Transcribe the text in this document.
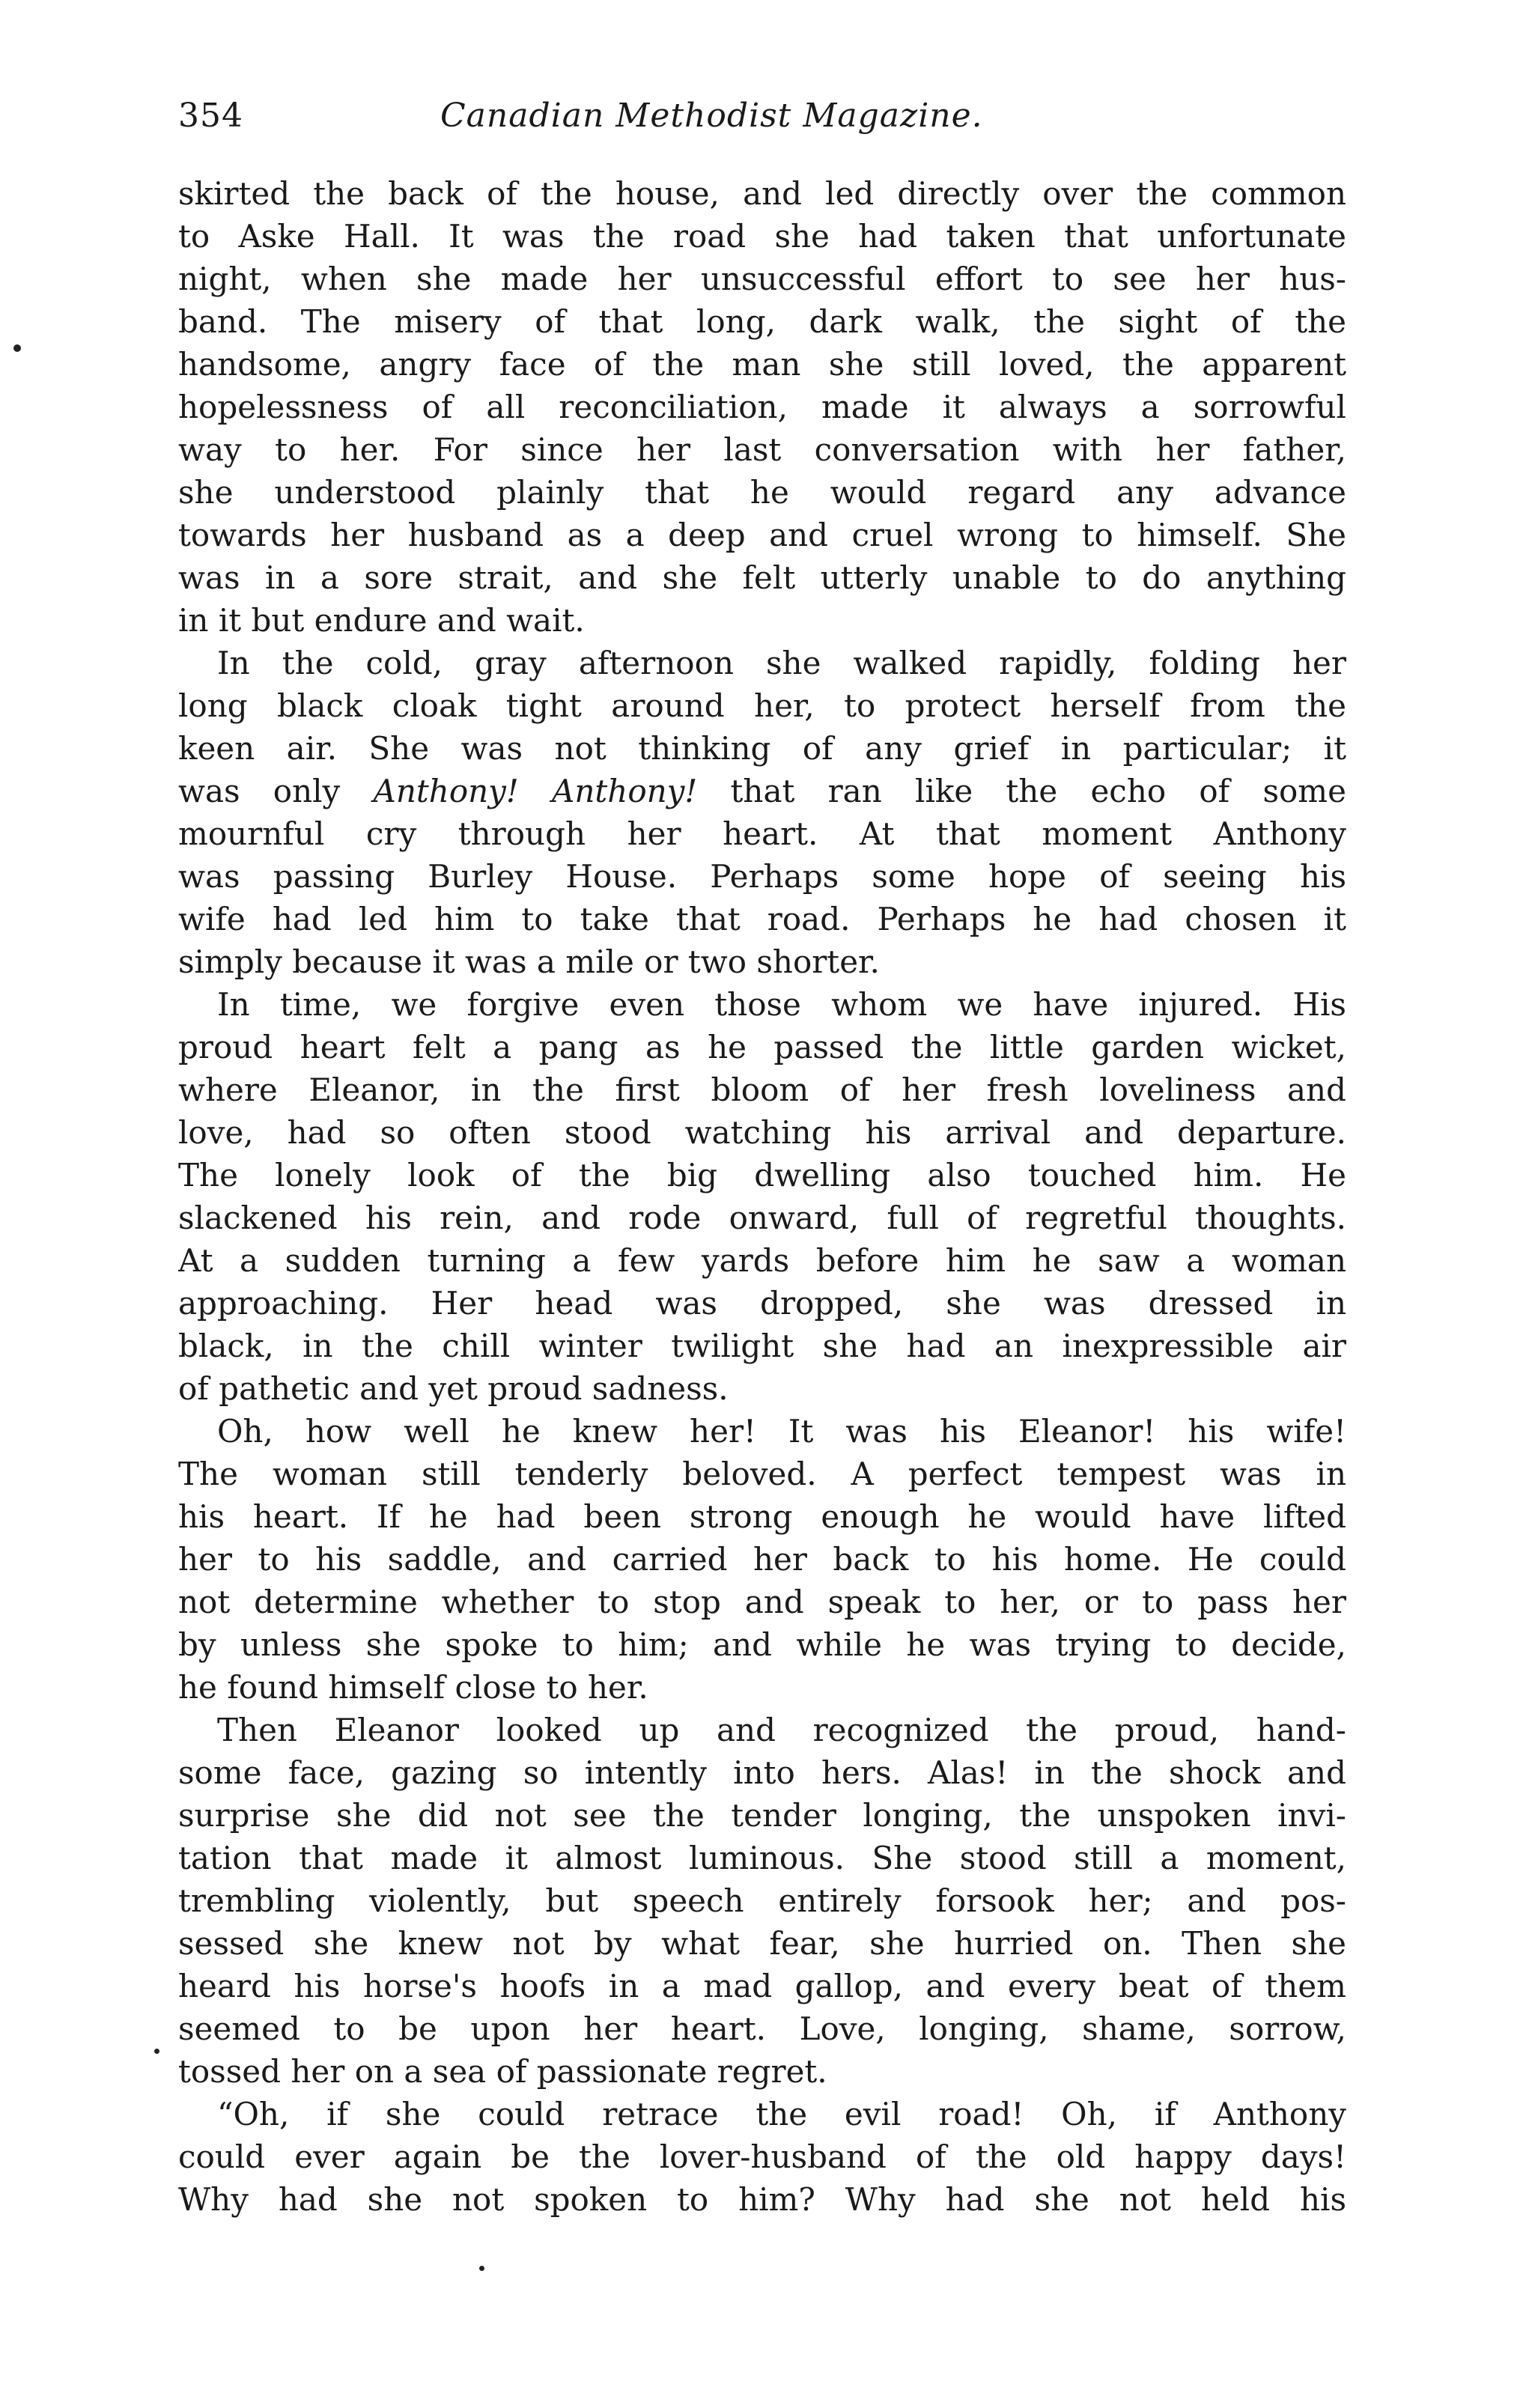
354	Canadian Methodist Magazine.
skirted the back of the house, and led directly over the common
to Aske Hall. It was the road she had taken that unfortunate
night, when she made her unsuccessful effort to see her hus-
band. The misery of that long, dark walk, the sight of the
handsome, angry face of the man she still loved, the apparent
hopelessness of all reconciliation, made it always a sorrowful
way to her. For since her last conversation with her father,
she understood plainly that he would regard any advance
towards her husband as a deep and cruel wrong to himself. She
was in a sore strait, and she felt utterly unable to do anything
in it but endure and wait.
In the cold, gray afternoon she walked rapidly, folding her
long black cloak tight around her, to protect herself from the
keen air. She was not thinking of any grief in particular; it
was only Anthony! Anthony! that ran like the echo of some
mournful cry through her heart. At that moment Anthony
was passing Burley House. Perhaps some hope of seeing his
wife had led him to take that road. Perhaps he had chosen it
simply because it was a mile or two shorter.
In time, we forgive even those whom we have injured. His
proud heart felt a pang as he passed the little garden wicket,
where Eleanor, in the first bloom of her fresh loveliness and
love, had so often stood watching his arrival and departure.
The lonely look of the big dwelling also touched him. He
slackened his rein, and rode onward, full of regretful thoughts.
At a sudden turning a few yards before him he saw a woman
approaching. Her head was dropped, she was dressed in
black, in the chill winter twilight she had an inexpressible air
of pathetic and yet proud sadness.
Oh, how well he knew her! It was his Eleanor! his wife!
The woman still tenderly beloved. A perfect tempest was in
his heart. If he had been strong enough he would have lifted
her to his saddle, and carried her back to his home. He could
not determine whether to stop and speak to her, or to pass her
by unless she spoke to him; and while he was trying to decide,
he found himself close to her.
Then Eleanor looked up and recognized the proud, hand-
some face, gazing so intently into hers. Alas! in the shock and
surprise she did not see the tender longing, the unspoken invi-
tation that made it almost luminous. She stood still a moment,
trembling violently, but speech entirely forsook her; and pos-
sessed she knew not by what fear, she hurried on. Then she
heard his horse's hoofs in a mad gallop, and every beat of them
seemed to be upon her heart. Love, longing, shame, sorrow,
tossed her on a sea of passionate regret.
“Oh, if she could retrace the evil road! Oh, if Anthony
could ever again be the lover-husband of the old happy days!
Why had she not spoken to him? Why had she not held his
